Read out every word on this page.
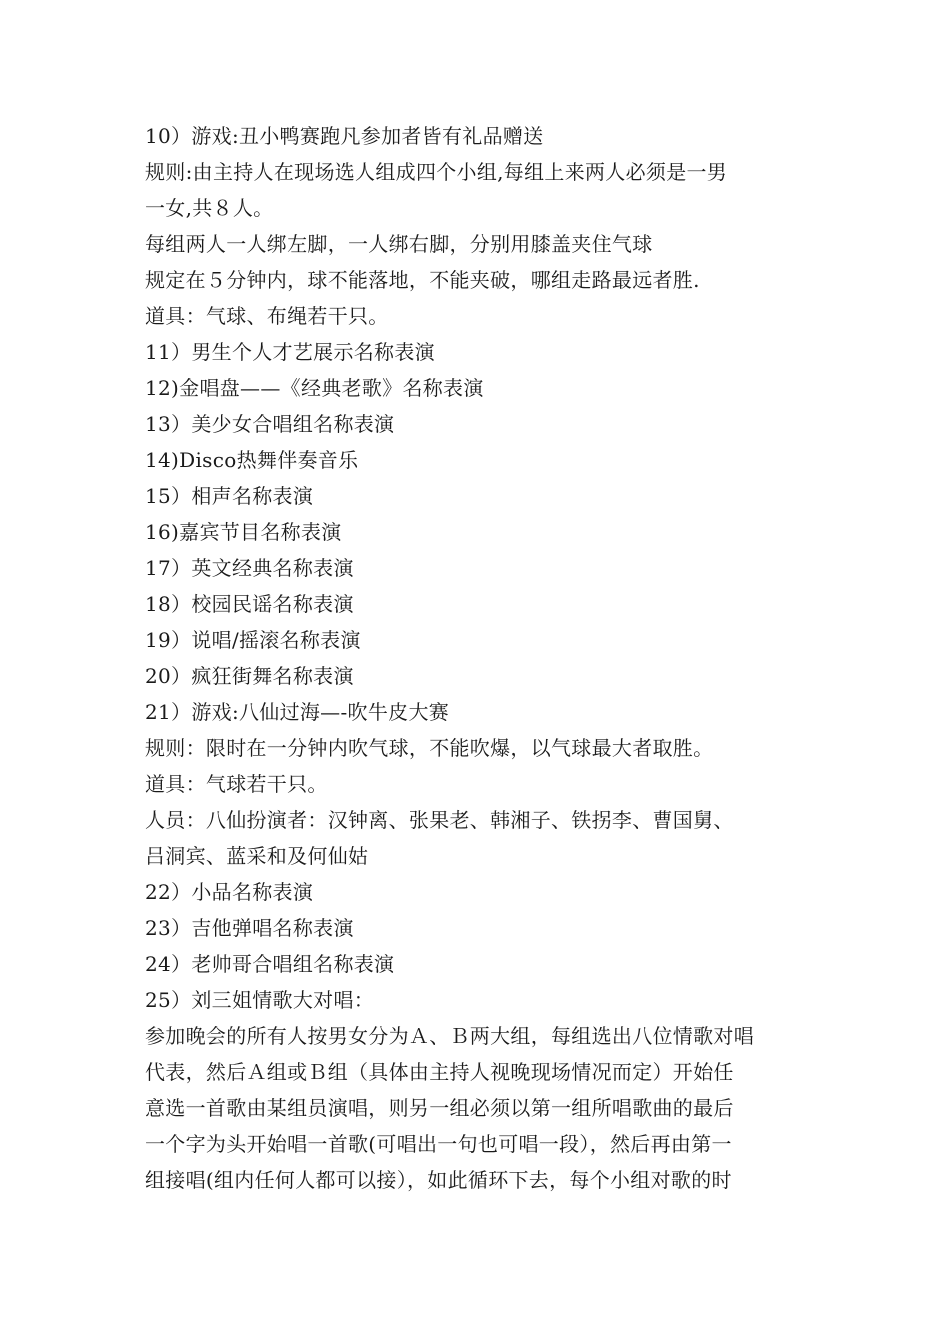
10）游戏:丑小鸭赛跑凡参加者皆有礼品赠送
规则:由主持人在现场选人组成四个小组,每组上来两人必须是一男
一女,共８人。
每组两人一人绑左脚，一人绑右脚，分别用膝盖夹住气球
规定在５分钟内，球不能落地，不能夹破，哪组走路最远者胜.
道具：气球、布绳若干只。
11）男生个人才艺展示名称表演
12)金唱盘——《经典老歌》名称表演
13）美少女合唱组名称表演
14)Disco热舞伴奏音乐
15）相声名称表演
16)嘉宾节目名称表演
17）英文经典名称表演
18）校园民谣名称表演
19）说唱/摇滚名称表演
20）疯狂街舞名称表演
21）游戏:八仙过海—-吹牛皮大赛
规则：限时在一分钟内吹气球，不能吹爆，以气球最大者取胜。
道具：气球若干只。
人员：八仙扮演者：汉钟离、张果老、韩湘子、铁拐李、曹国舅、
吕洞宾、蓝采和及何仙姑
22）小品名称表演
23）吉他弹唱名称表演
24）老帅哥合唱组名称表演
25）刘三姐情歌大对唱：
参加晚会的所有人按男女分为Ａ、Ｂ两大组，每组选出八位情歌对唱
代表，然后Ａ组或Ｂ组（具体由主持人视晚现场情况而定）开始任
意选一首歌由某组员演唱，则另一组必须以第一组所唱歌曲的最后
一个字为头开始唱一首歌(可唱出一句也可唱一段），然后再由第一
组接唱(组内任何人都可以接），如此循环下去，每个小组对歌的时
